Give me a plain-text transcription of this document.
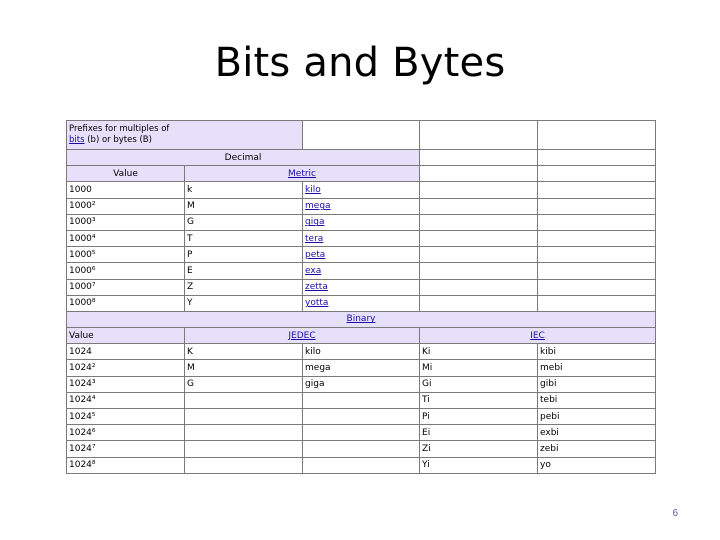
Bits and Bytes
Prefixes for multiples of
bits (b) or bytes (B)				
Decimal				
Value	Metric			
1000	k	kilo		
1000²	M	mega		
1000³	G	giga		
1000⁴	T	tera		
1000⁵	P	peta		
1000⁶	E	exa		
1000⁷	Z	zetta		
1000⁸	Y	yotta		
Binary				
Value	JEDEC		IEC	
1024	K	kilo	Ki	kibi
1024²	M	mega	Mi	mebi
1024³	G	giga	Gi	gibi
1024⁴			Ti	tebi
1024⁵			Pi	pebi
1024⁶			Ei	exbi
1024⁷			Zi	zebi
1024⁸			Yi	yo
6
